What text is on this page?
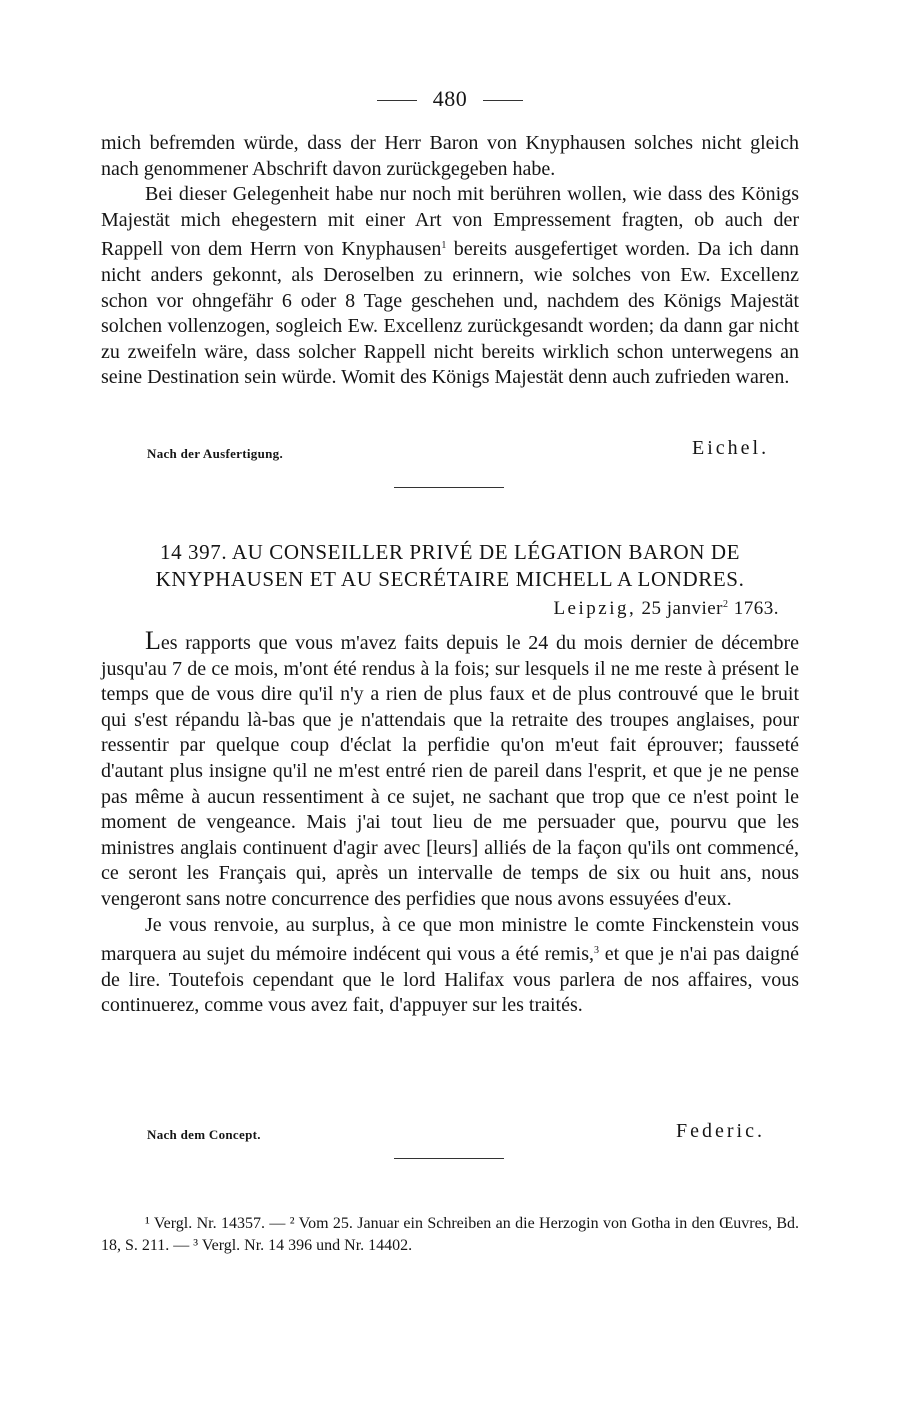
480

mich befremden würde, dass der Herr Baron von Knyphausen solches nicht gleich nach genommener Abschrift davon zurückgegeben habe.

Bei dieser Gelegenheit habe nur noch mit berühren wollen, wie dass des Königs Majestät mich ehegestern mit einer Art von Empressement fragten, ob auch der Rappell von dem Herrn von Knyphausen$^1$ bereits ausgefertiget worden. Da ich dann nicht anders gekonnt, als Deroselben zu erinnern, wie solches von Ew. Excellenz schon vor ohngefähr 6 oder 8 Tage geschehen und, nachdem des Königs Majestät solchen vollenzogen, sogleich Ew. Excellenz zurückgesandt worden; da dann gar nicht zu zweifeln wäre, dass solcher Rappell nicht bereits wirklich schon unterwegens an seine Destination sein würde. Womit des Königs Majestät denn auch zufrieden waren.

Nach der Ausfertigung.	Eichel.
14 397. AU CONSEILLER PRIVÉ DE LÉGATION BARON DE
KNYPHAUSEN ET AU SECRÉTAIRE MICHELL A LONDRES.
Leipzig, 25 janvier$^2$ 1763.

Les rapports que vous m'avez faits depuis le 24 du mois dernier de décembre jusqu'au 7 de ce mois, m'ont été rendus à la fois; sur lesquels il ne me reste à présent le temps que de vous dire qu'il n'y a rien de plus faux et de plus controuvé que le bruit qui s'est répandu là-bas que je n'attendais que la retraite des troupes anglaises, pour ressentir par quelque coup d'éclat la perfidie qu'on m'eut fait éprouver; fausseté d'autant plus insigne qu'il ne m'est entré rien de pareil dans l'esprit, et que je ne pense pas même à aucun ressentiment à ce sujet, ne sachant que trop que ce n'est point le moment de vengeance. Mais j'ai tout lieu de me persuader que, pourvu que les ministres anglais continuent d'agir avec [leurs] alliés de la façon qu'ils ont commencé, ce seront les Français qui, après un intervalle de temps de six ou huit ans, nous vengeront sans notre concurrence des perfidies que nous avons essuyées d'eux.

Je vous renvoie, au surplus, à ce que mon ministre le comte Finckenstein vous marquera au sujet du mémoire indécent qui vous a été remis,$^3$ et que je n'ai pas daigné de lire. Toutefois cependant que le lord Halifax vous parlera de nos affaires, vous continuerez, comme vous avez fait, d'appuyer sur les traités.

Nach dem Concept.	Federic.
¹ Vergl. Nr. 14357. — ² Vom 25. Januar ein Schreiben an die Herzogin von Gotha in den Œuvres, Bd. 18, S. 211. — ³ Vergl. Nr. 14 396 und Nr. 14402.
